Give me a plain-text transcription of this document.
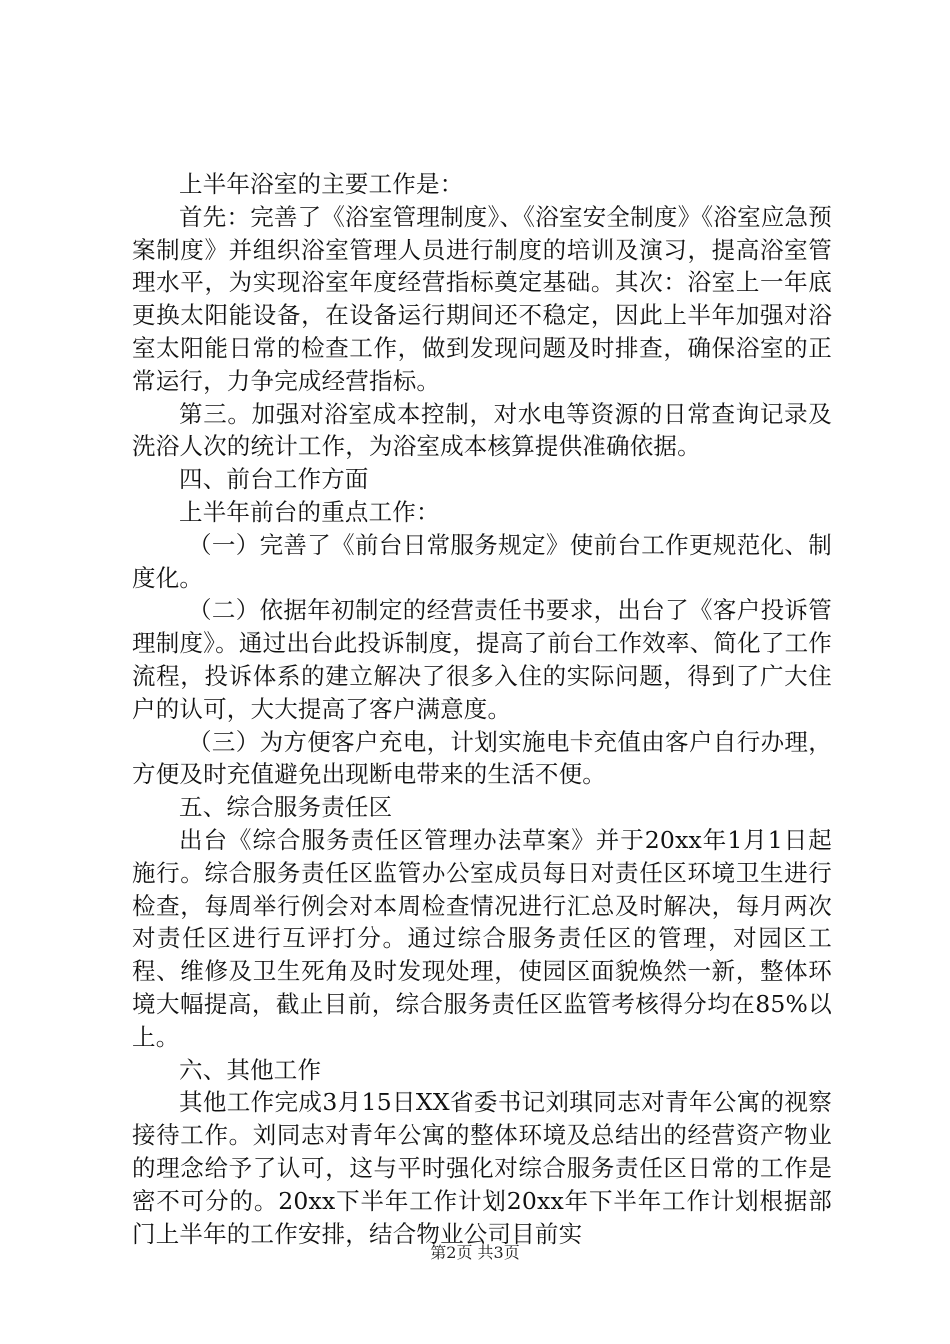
上半年浴室的主要工作是：

首先：完善了《浴室管理制度》、《浴室安全制度》《浴室应急预案制度》并组织浴室管理人员进行制度的培训及演习，提高浴室管理水平，为实现浴室年度经营指标奠定基础。其次：浴室上一年底更换太阳能设备，在设备运行期间还不稳定，因此上半年加强对浴室太阳能日常的检查工作，做到发现问题及时排查，确保浴室的正常运行，力争完成经营指标。

第三。加强对浴室成本控制，对水电等资源的日常查询记录及洗浴人次的统计工作，为浴室成本核算提供准确依据。

四、前台工作方面

上半年前台的重点工作：

（一）完善了《前台日常服务规定》使前台工作更规范化、制度化。

（二）依据年初制定的经营责任书要求，出台了《客户投诉管理制度》。通过出台此投诉制度，提高了前台工作效率、简化了工作流程，投诉体系的建立解决了很多入住的实际问题，得到了广大住户的认可，大大提高了客户满意度。

（三）为方便客户充电，计划实施电卡充值由客户自行办理，方便及时充值避免出现断电带来的生活不便。

五、综合服务责任区

出台《综合服务责任区管理办法草案》并于20xx年1月1日起施行。综合服务责任区监管办公室成员每日对责任区环境卫生进行检查，每周举行例会对本周检查情况进行汇总及时解决，每月两次对责任区进行互评打分。通过综合服务责任区的管理，对园区工程、维修及卫生死角及时发现处理，使园区面貌焕然一新，整体环境大幅提高，截止目前，综合服务责任区监管考核得分均在85%以上。

六、其他工作

其他工作完成3月15日XX省委书记刘琪同志对青年公寓的视察接待工作。刘同志对青年公寓的整体环境及总结出的经营资产物业的理念给予了认可，这与平时强化对综合服务责任区日常的工作是密不可分的。20xx下半年工作计划20xx年下半年工作计划根据部门上半年的工作安排，结合物业公司目前实

第2页 共3页
